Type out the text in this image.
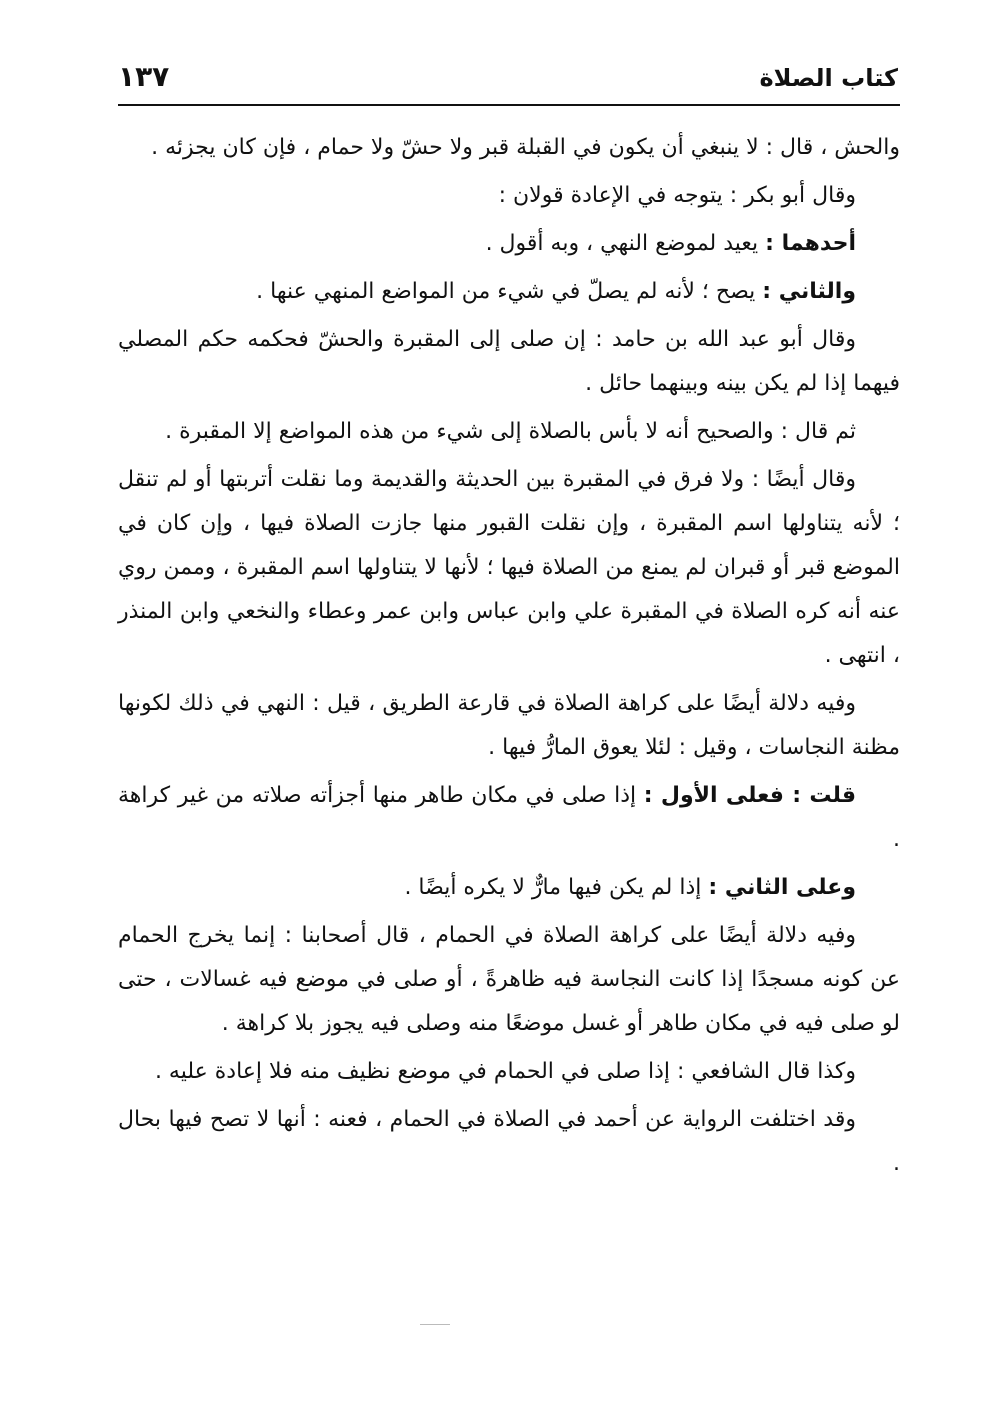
كتاب الصلاة
١٣٧

والحش ، قال : لا ينبغي أن يكون في القبلة قبر ولا حشّ ولا حمام ، فإن كان يجزئه .

وقال أبو بكر : يتوجه في الإعادة قولان :

أحدهما : يعيد لموضع النهي ، وبه أقول .

والثاني : يصح ؛ لأنه لم يصلّ في شيء من المواضع المنهي عنها .

وقال أبو عبد الله بن حامد : إن صلى إلى المقبرة والحشّ فحكمه حكم المصلي فيهما إذا لم يكن بينه وبينهما حائل .

ثم قال : والصحيح أنه لا بأس بالصلاة إلى شيء من هذه المواضع إلا المقبرة .

وقال أيضًا : ولا فرق في المقبرة بين الحديثة والقديمة وما نقلت أتربتها أو لم تنقل ؛ لأنه يتناولها اسم المقبرة ، وإن نقلت القبور منها جازت الصلاة فيها ، وإن كان في الموضع قبر أو قبران لم يمنع من الصلاة فيها ؛ لأنها لا يتناولها اسم المقبرة ، وممن روي عنه أنه كره الصلاة في المقبرة علي وابن عباس وابن عمر وعطاء والنخعي وابن المنذر ، انتهى .

وفيه دلالة أيضًا على كراهة الصلاة في قارعة الطريق ، قيل : النهي في ذلك لكونها مظنة النجاسات ، وقيل : لئلا يعوق المارُّ فيها .

قلت : فعلى الأول : إذا صلى في مكان طاهر منها أجزأته صلاته من غير كراهة .

وعلى الثاني : إذا لم يكن فيها مارٌّ لا يكره أيضًا .

وفيه دلالة أيضًا على كراهة الصلاة في الحمام ، قال أصحابنا : إنما يخرج الحمام عن كونه مسجدًا إذا كانت النجاسة فيه ظاهرةً ، أو صلى في موضع فيه غسالات ، حتى لو صلى فيه في مكان طاهر أو غسل موضعًا منه وصلى فيه يجوز بلا كراهة .

وكذا قال الشافعي : إذا صلى في الحمام في موضع نظيف منه فلا إعادة عليه .

وقد اختلفت الرواية عن أحمد في الصلاة في الحمام ، فعنه : أنها لا تصح فيها بحال .
